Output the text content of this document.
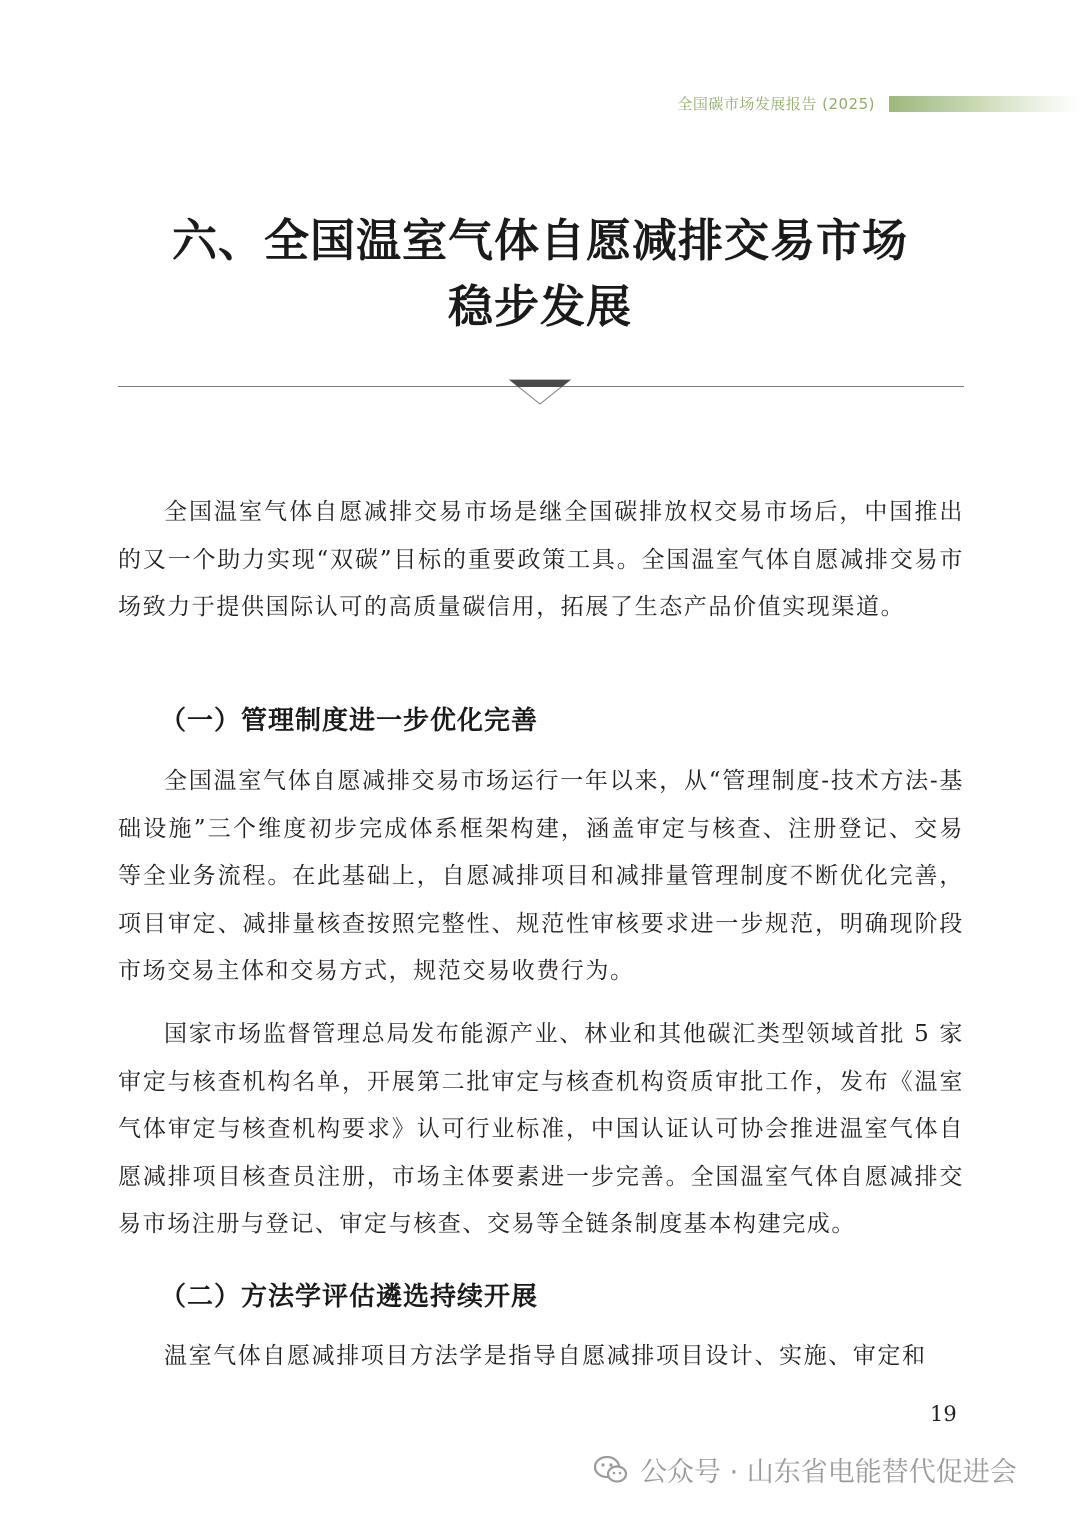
全国碳市场发展报告 (2025)
六、全国温室气体自愿减排交易市场
稳步发展

全国温室气体自愿减排交易市场是继全国碳排放权交易市场后，中国推出的又一个助力实现“双碳”目标的重要政策工具。全国温室气体自愿减排交易市场致力于提供国际认可的高质量碳信用，拓展了生态产品价值实现渠道。

（一）管理制度进一步优化完善

全国温室气体自愿减排交易市场运行一年以来，从“管理制度-技术方法-基础设施”三个维度初步完成体系框架构建，涵盖审定与核查、注册登记、交易等全业务流程。在此基础上，自愿减排项目和减排量管理制度不断优化完善，项目审定、减排量核查按照完整性、规范性审核要求进一步规范，明确现阶段市场交易主体和交易方式，规范交易收费行为。

国家市场监督管理总局发布能源产业、林业和其他碳汇类型领域首批 5 家审定与核查机构名单，开展第二批审定与核查机构资质审批工作，发布《温室气体审定与核查机构要求》认可行业标准，中国认证认可协会推进温室气体自愿减排项目核查员注册，市场主体要素进一步完善。全国温室气体自愿减排交易市场注册与登记、审定与核查、交易等全链条制度基本构建完成。

（二）方法学评估遴选持续开展

温室气体自愿减排项目方法学是指导自愿减排项目设计、实施、审定和

19
公众号 · 山东省电能替代促进会
